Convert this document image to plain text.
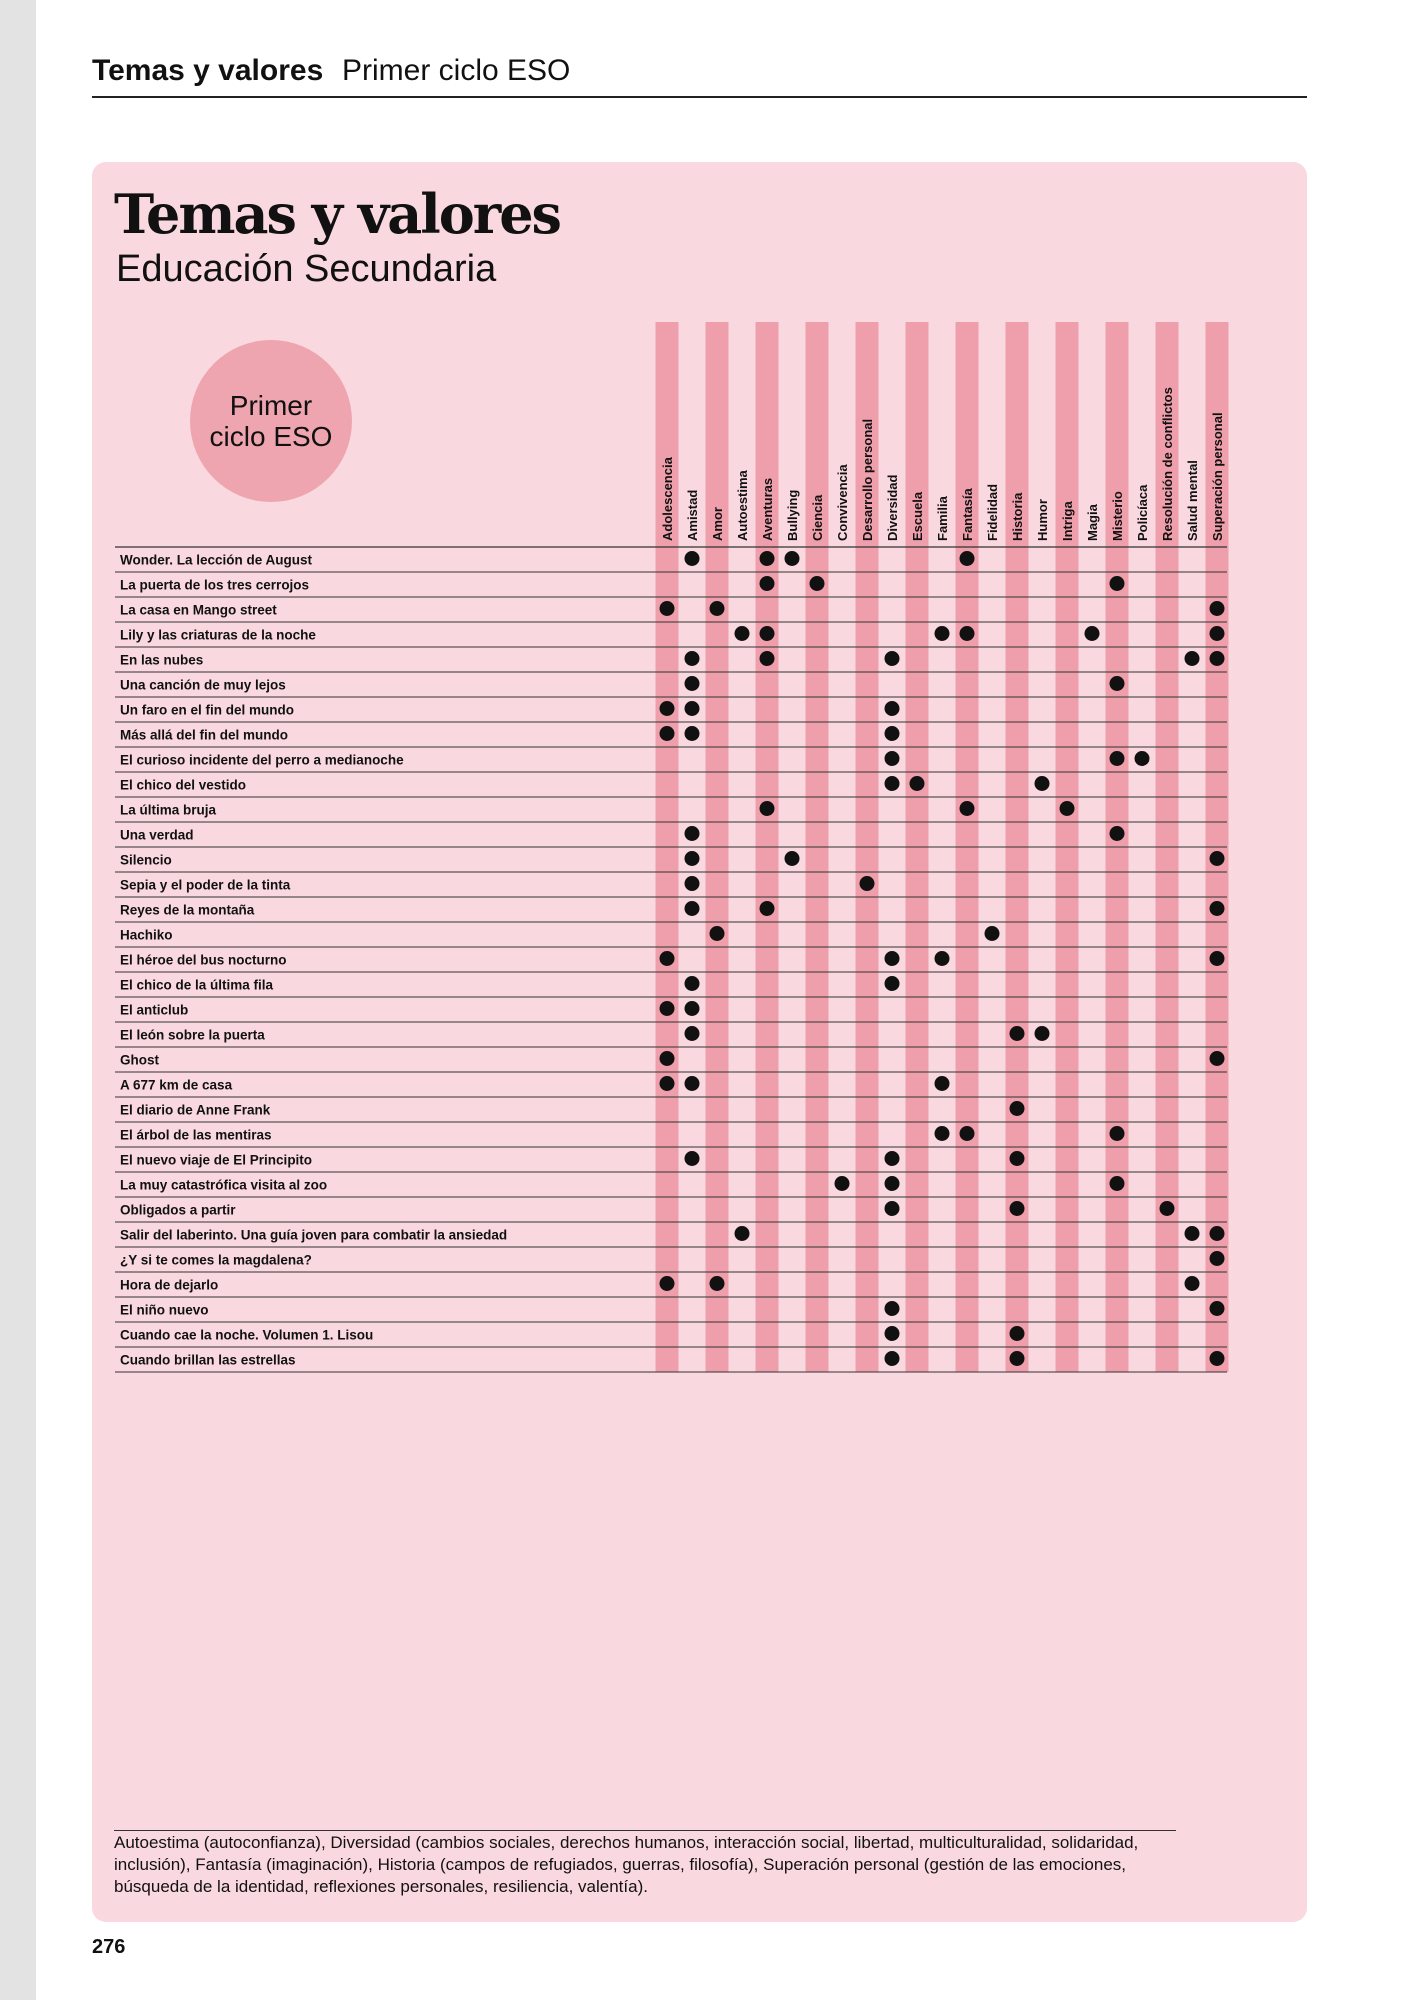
Temas y valores Primer ciclo ESO
Temas y valores
Educación Secundaria
Primer
ciclo ESO
Adolescencia Amistad Amor Autoestima Aventuras Bullying Ciencia Convivencia Desarrollo personal Diversidad Escuela Familia Fantasía Fidelidad Historia Humor Intriga Magia Misterio Policíaca Resolución de conflictos Salud mental Superación personal
Wonder. La lección de August
La puerta de los tres cerrojos
La casa en Mango street
Lily y las criaturas de la noche
En las nubes
Una canción de muy lejos
Un faro en el fin del mundo
Más allá del fin del mundo
El curioso incidente del perro a medianoche
El chico del vestido
La última bruja
Una verdad
Silencio
Sepia y el poder de la tinta
Reyes de la montaña
Hachiko
El héroe del bus nocturno
El chico de la última fila
El anticlub
El león sobre la puerta
Ghost
A 677 km de casa
El diario de Anne Frank
El árbol de las mentiras
El nuevo viaje de El Principito
La muy catastrófica visita al zoo
Obligados a partir
Salir del laberinto. Una guía joven para combatir la ansiedad
¿Y si te comes la magdalena?
Hora de dejarlo
El niño nuevo
Cuando cae la noche. Volumen 1. Lisou
Cuando brillan las estrellas
Autoestima (autoconfianza), Diversidad (cambios sociales, derechos humanos, interacción social, libertad, multiculturalidad, solidaridad, inclusión), Fantasía (imaginación), Historia (campos de refugiados, guerras, filosofía), Superación personal (gestión de las emociones, búsqueda de la identidad, reflexiones personales, resiliencia, valentía).
276
